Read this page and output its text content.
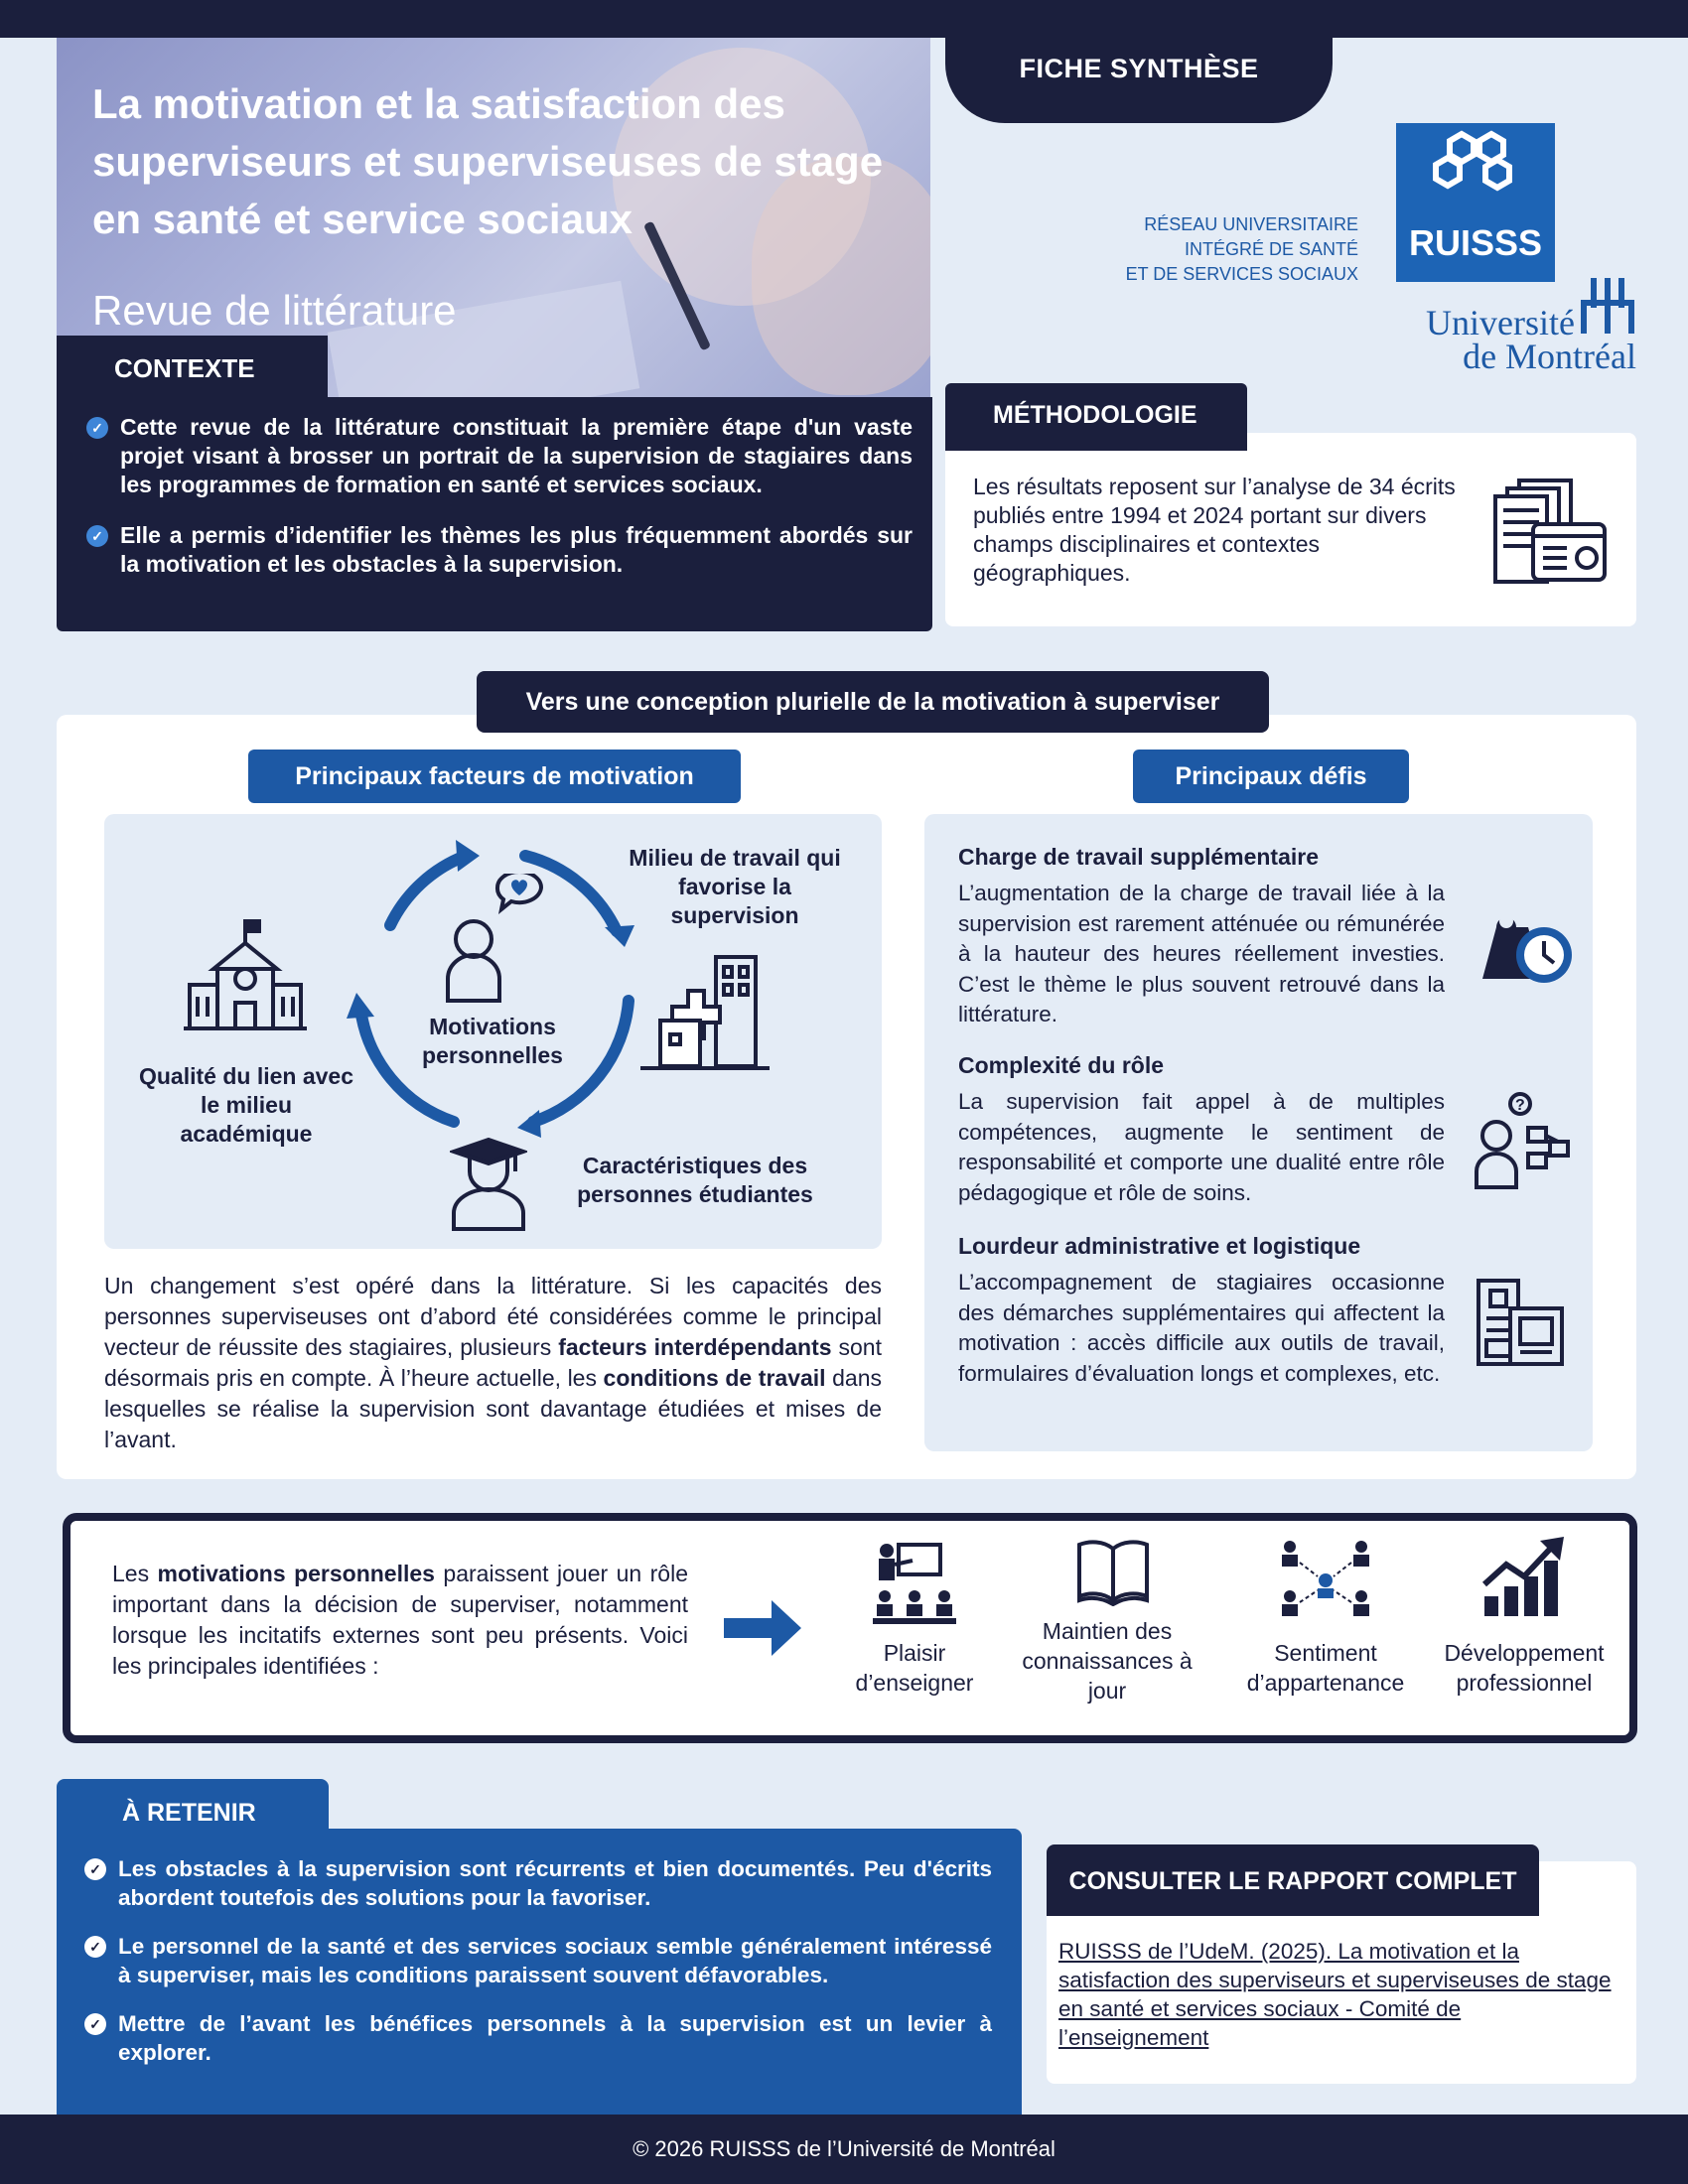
La motivation et la satisfaction des superviseurs et superviseuses de stage en santé et service sociaux
Revue de littérature
✓ Cette revue de la littérature constituait la première étape d'un vaste projet visant à brosser un portrait de la supervision de stagiaires dans les programmes de formation en santé et services sociaux.
✓ Elle a permis d’identifier les thèmes les plus fréquemment abordés sur la motivation et les obstacles à la supervision.
CONTEXTE
FICHE SYNTHÈSE
RÉSEAU UNIVERSITAIRE
INTÉGRÉ DE SANTÉ
ET DE SERVICES SOCIAUX
RUISSS
Université
de Montréal
Les résultats reposent sur l’analyse de 34 écrits publiés entre 1994 et 2024 portant sur divers champs disciplinaires et contextes géographiques.
MÉTHODOLOGIE
Vers une conception plurielle de la motivation à superviser
Principaux facteurs de motivation	Principaux défis
Motivations
personnelles
Milieu de travail qui
favorise la
supervision
Qualité du lien avec
le milieu
académique
Caractéristiques des
personnes étudiantes
Un changement s’est opéré dans la littérature. Si les capacités des personnes superviseuses ont d’abord été considérées comme le principal vecteur de réussite des stagiaires, plusieurs facteurs interdépendants sont désormais pris en compte. À l’heure actuelle, les conditions de travail dans lesquelles se réalise la supervision sont davantage étudiées et mises de l’avant.
Charge de travail supplémentaire
L’augmentation de la charge de travail liée à la supervision est rarement atténuée ou rémunérée à la hauteur des heures réellement investies. C’est le thème le plus souvent retrouvé dans la littérature.
Complexité du rôle
La supervision fait appel à de multiples compétences, augmente le sentiment de responsabilité et comporte une dualité entre rôle pédagogique et rôle de soins.
?
Lourdeur administrative et logistique
L’accompagnement de stagiaires occasionne des démarches supplémentaires qui affectent la motivation : accès difficile aux outils de travail, formulaires d’évaluation longs et complexes, etc.
Les motivations personnelles paraissent jouer un rôle important dans la décision de superviser, notamment lorsque les incitatifs externes sont peu présents. Voici les principales identifiées :	Plaisir
d’enseigner
Maintien des
connaissances à
jour
Sentiment
d’appartenance
Développement
professionnel
✓ Les obstacles à la supervision sont récurrents et bien documentés. Peu d'écrits abordent toutefois des solutions pour la favoriser.
✓ Le personnel de la santé et des services sociaux semble généralement intéressé à superviser, mais les conditions paraissent souvent défavorables.
✓ Mettre de l’avant les bénéfices personnels à la supervision est un levier à explorer.
À RETENIR
RUISSS de l’UdeM. (2025). La motivation et la satisfaction des superviseurs et superviseuses de stage en santé et services sociaux - Comité de l’enseignement
CONSULTER LE RAPPORT COMPLET
© 2026 RUISSS de l’Université de Montréal
